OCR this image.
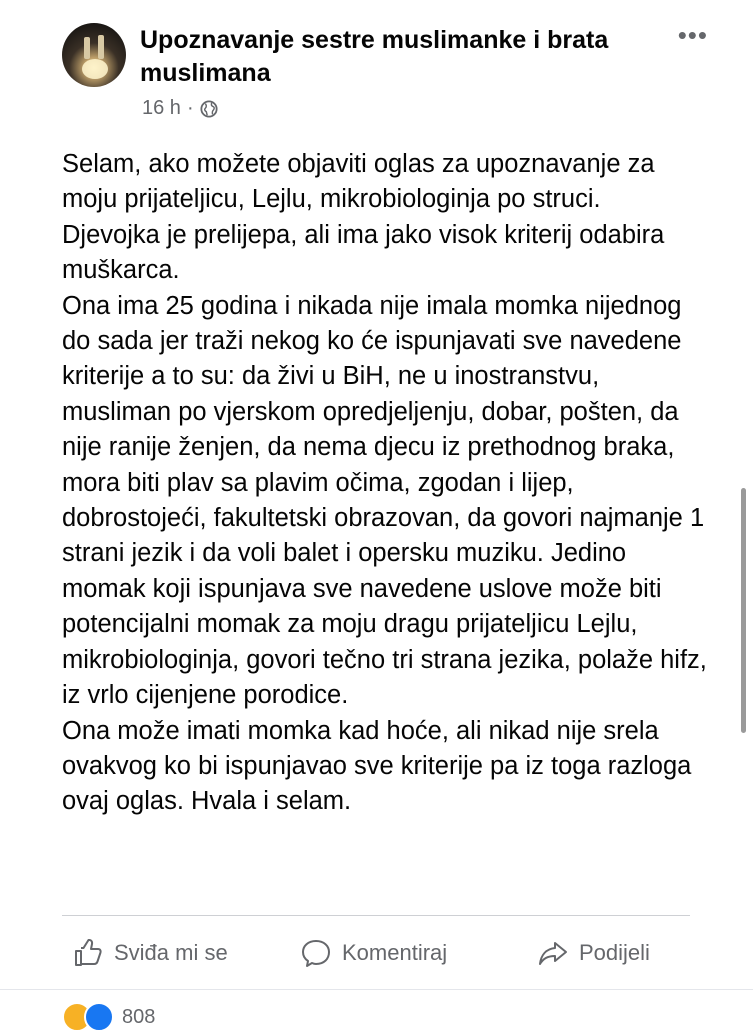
Upoznavanje sestre muslimanke i brata muslimana
16 h ·
•••

Selam, ako možete objaviti oglas za upoznavanje za moju prijateljicu, Lejlu, mikrobiologinja po struci.

Djevojka je prelijepa, ali ima jako visok kriterij odabira muškarca.

Ona ima 25 godina i nikada nije imala momka nijednog do sada jer traži nekog ko će ispunjavati sve navedene kriterije a to su: da živi u BiH, ne u inostranstvu, musliman po vjerskom opredjeljenju, dobar, pošten, da nije ranije ženjen, da nema djecu iz prethodnog braka, mora biti plav sa plavim očima, zgodan i lijep, dobrostojeći, fakultetski obrazovan, da govori najmanje 1 strani jezik i da voli balet i opersku muziku. Jedino momak koji ispunjava sve navedene uslove može biti potencijalni momak za moju dragu prijateljicu Lejlu, mikrobiologinja, govori tečno tri strana jezika, polaže hifz, iz vrlo cijenjene porodice.

Ona može imati momka kad hoće, ali nikad nije srela ovakvog ko bi ispunjavao sve kriterije pa iz toga razloga ovaj oglas. Hvala i selam.

Sviđa mi se	Komentiraj	Podijeli
808
